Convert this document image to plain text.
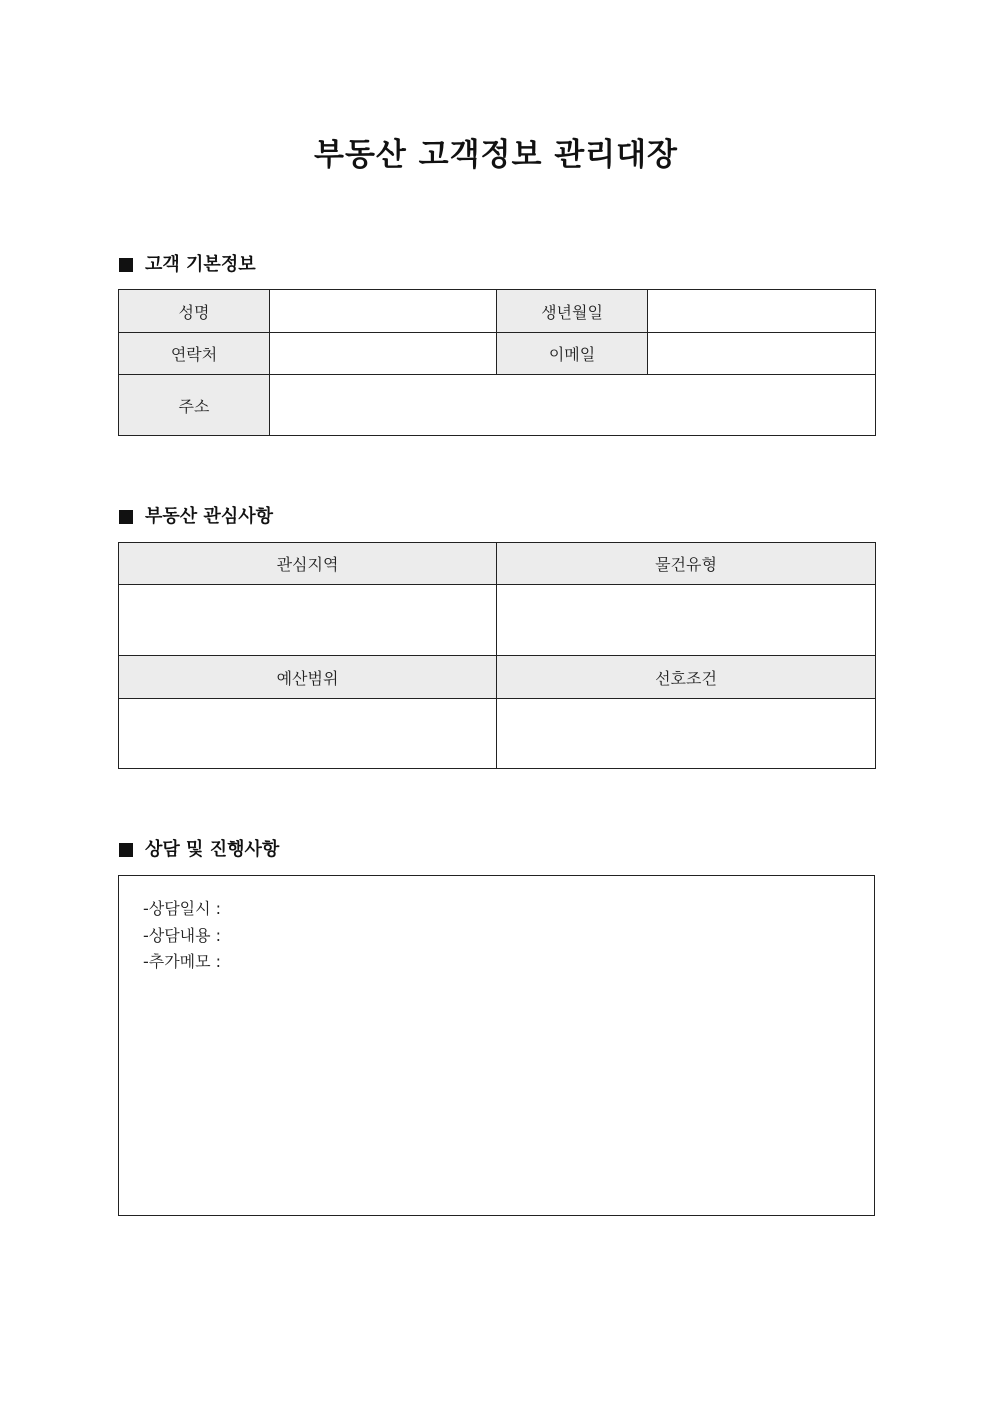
부동산 고객정보 관리대장
고객 기본정보
성명		생년월일	
연락처		이메일	
주소			
부동산 관심사항
관심지역	물건유형

예산범위	선호조건

상담 및 진행사항
-상담일시 :
-상담내용 :
-추가메모 :
